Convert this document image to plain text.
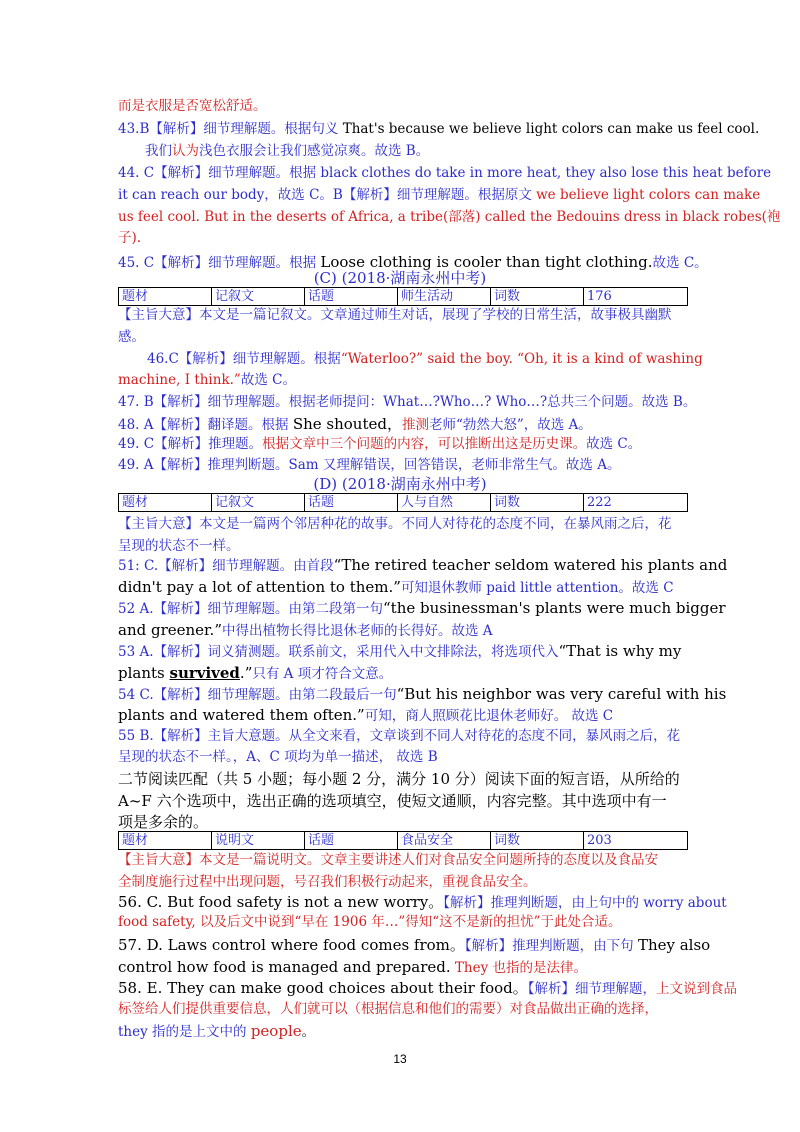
而是衣服是否宽松舒适。
43.B【解析】细节理解题。根据句义 That's because we believe light colors can make us feel cool.
我们认为浅色衣服会让我们感觉凉爽。故选 B。
44. C【解析】细节理解题。根据 black clothes do take in more heat, they also lose this heat before
it can reach our body，故选 C。B【解析】细节理解题。根据原文 we believe light colors can make
us feel cool. But in the deserts of Africa, a tribe(部落) called the Bedouins dress in black robes(袍
子).
45. C【解析】细节理解题。根据 Loose clothing is cooler than tight clothing.故选 C。
(C) (2018·湖南永州中考)
题材	记叙文	话题	师生活动	词数	176
【主旨大意】本文是一篇记叙文。文章通过师生对话，展现了学校的日常生活，故事极具幽默
感。
46.C【解析】细节理解题。根据“Waterloo?” said the boy. “Oh, it is a kind of washing
machine, I think.”故选 C。
47. B【解析】细节理解题。根据老师提问：What…?Who…? Who…?总共三个问题。故选 B。
48. A【解析】翻译题。根据 She shouted，推测老师“勃然大怒”，故选 A。
49. C【解析】推理题。根据文章中三个问题的内容，可以推断出这是历史课。故选 C。
49. A【解析】推理判断题。Sam 又理解错误，回答错误，老师非常生气。故选 A。
(D) (2018·湖南永州中考)
题材	记叙文	话题	人与自然	词数	222
【主旨大意】本文是一篇两个邻居种花的故事。不同人对待花的态度不同，在暴风雨之后，花
呈现的状态不一样。
51: C.【解析】细节理解题。由首段“The retired teacher seldom watered his plants and
didn't pay a lot of attention to them.”可知退休教师 paid little attention。故选 C
52 A.【解析】细节理解题。由第二段第一句“the businessman's plants were much bigger
and greener.”中得出植物长得比退休老师的长得好。故选 A
53 A.【解析】词义猜测题。联系前文，采用代入中文排除法，将选项代入“That is why my
plants survived.”只有 A 项才符合文意。
54 C.【解析】细节理解题。由第二段最后一句“But his neighbor was very careful with his
plants and watered them often.”可知，商人照顾花比退休老师好。 故选 C
55 B.【解析】主旨大意题。从全文来看，文章谈到不同人对待花的态度不同，暴风雨之后，花
呈现的状态不一样。，A、C 项均为单一描述， 故选 B
二节阅读匹配（共 5 小题；每小题 2 分，满分 10 分）阅读下面的短言语，从所给的
A~F 六个选项中，选出正确的选项填空，使短文通顺，内容完整。其中选项中有一
项是多余的。
题材	说明文	话题	食品安全	词数	203
【主旨大意】本文是一篇说明文。文章主要讲述人们对食品安全问题所持的态度以及食品安
全制度施行过程中出现问题，号召我们积极行动起来，重视食品安全。
56. C. But food safety is not a new worry。【解析】推理判断题，由上句中的 worry about
food safety, 以及后文中说到“早在 1906 年…”得知“这不是新的担忧”于此处合适。
57. D. Laws control where food comes from。【解析】推理判断题，由下句 They also
control how food is managed and prepared. They 也指的是法律。
58. E. They can make good choices about their food。【解析】细节理解题，上文说到食品
标签给人们提供重要信息，人们就可以（根据信息和他们的需要）对食品做出正确的选择，
they 指的是上文中的 people。
13
